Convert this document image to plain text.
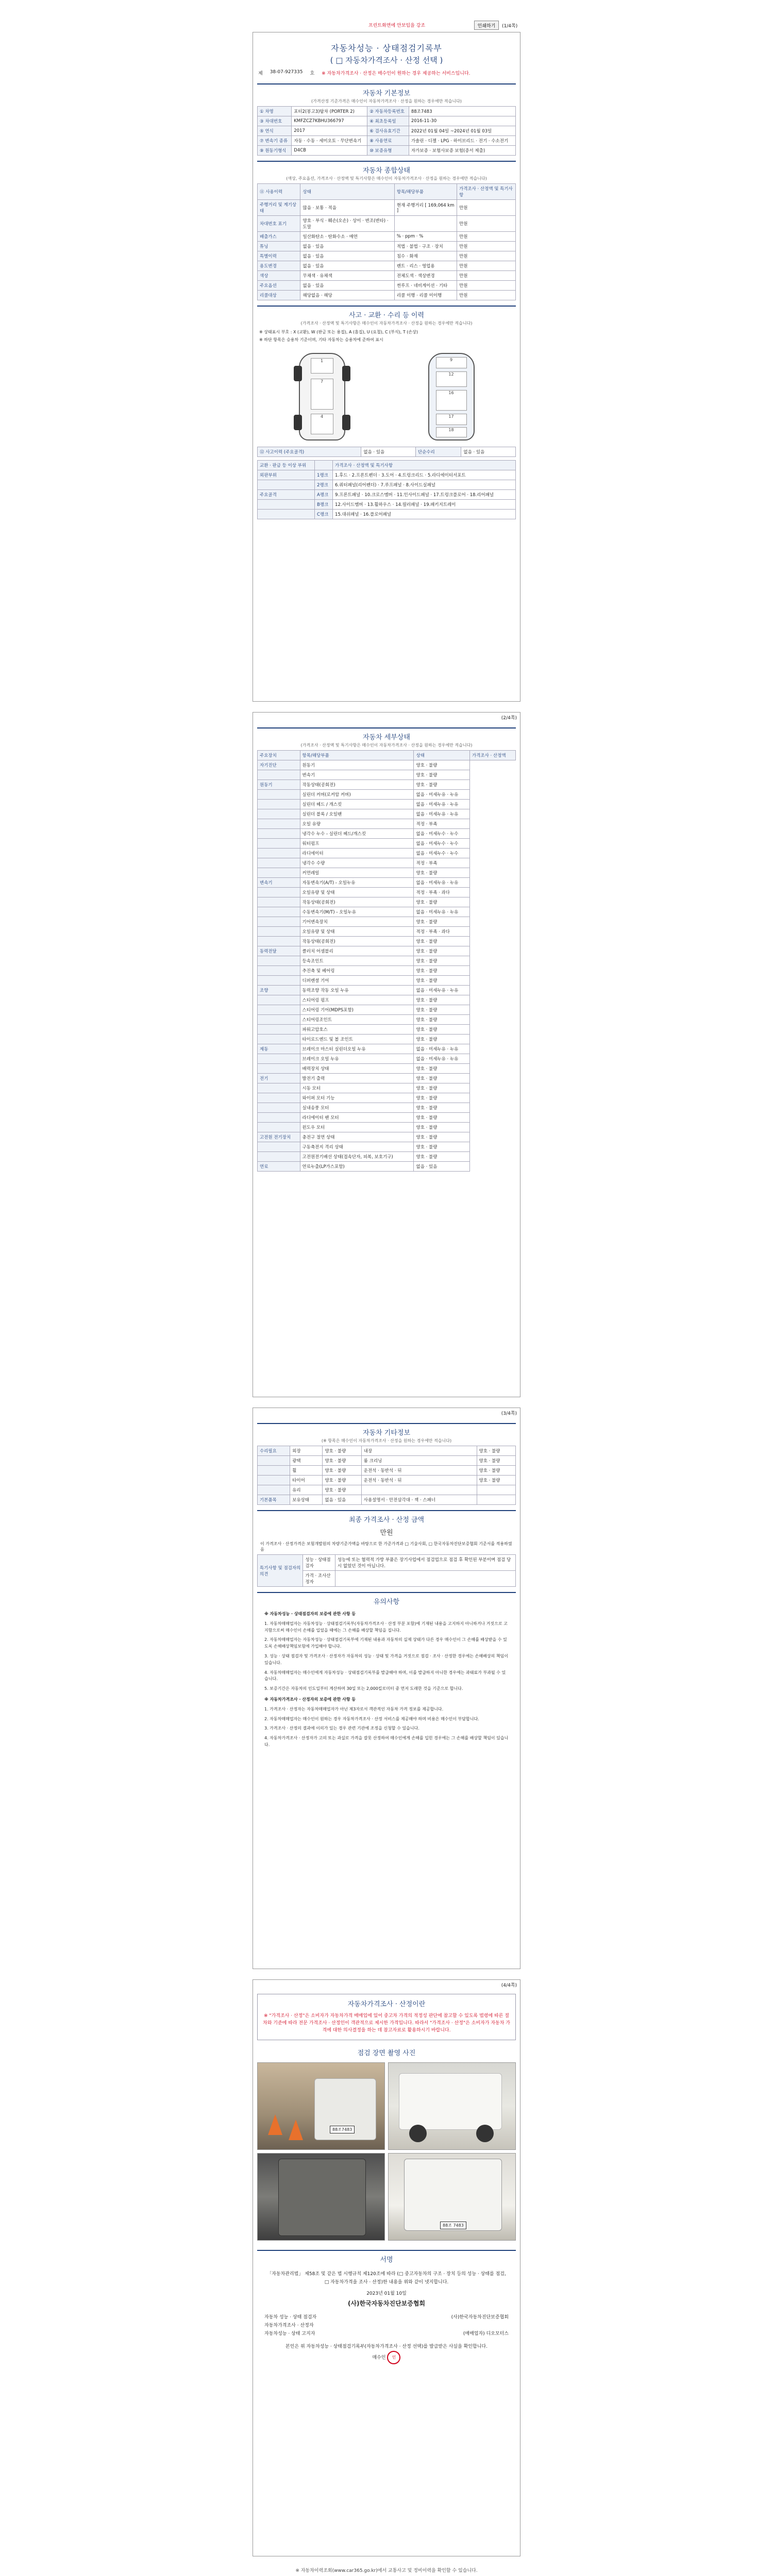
프린트화면에 안보임을 강조	인쇄하기	(1/4쪽)
자동차성능 · 상태점검기록부
( □ 자동차가격조사 · 산정 선택 )
제 38-07-927335 호 ※ 자동차가격조사 · 산정은 매수인이 원하는 경우 제공하는 서비스입니다.
자동차 기본정보
(가격산정 기준가격은 매수인이 자동차가격조사 · 산정을 원하는 경우에만 적습니다)
① 차명	포터2(봉고3)탑차 (PORTER 2)	② 자동차등록번호	88조7483
③ 차대번호	KMFZCZ7KBHU366797	④ 최초등록일	2016-11-30
⑤ 연식	2017	⑥ 검사유효기간	2022년 01월 04일 ~2024년 01월 03일
⑦ 변속기 종류	자동 · 수동 · 세미오토 · 무단변속기	⑧ 사용연료	가솔린 · 디젤 · LPG · 하이브리드 · 전기 · 수소전기
⑨ 원동기형식	D4CB	⑩ 보증유형	자가보증 · 보험사보증 보험(증서 제출)
자동차 종합상태
(색상, 주요옵션, 가격조사 · 산정액 및 특기사항은 매수인이 자동차가격조사 · 산정을 원하는 경우에만 적습니다)
⑪ 사용이력	상태	항목/해당부품	가격조사 · 산정액 및 특기사항
주행거리 및 계기상태	많음 · 보통 · 적음	현재 주행거리 [ 169,064 km ]	만원
차대번호 표기	양호 · 부식 · 훼손(오손) · 상이 · 변조(변타) · 도말		만원
배출가스	일산화탄소 · 탄화수소 · 매연	% · ppm · %	만원
튜닝	없음 · 있음	적법 · 불법 · 구조 · 장치	만원
특별이력	없음 · 있음	침수 · 화재	만원
용도변경	없음 · 있음	렌트 · 리스 · 영업용	만원
색상	무채색 · 유채색	전체도색 · 색상변경	만원
주요옵션	없음 · 있음	썬루프 · 네비게이션 · 기타	만원
리콜대상	해당없음 · 해당	리콜 이행 · 리콜 미이행	만원
사고 · 교환 · 수리 등 이력
(가격조사 · 산정액 및 특기사항은 매수인이 자동차가격조사 · 산정을 원하는 경우에만 적습니다)
※ 상태표시 부호 : X (교환), W (판금 또는 용접), A (흠집), U (요철), C (부식), T (손상)
※ 하단 항목은 승용차 기준이며, 기타 자동차는 승용차에 준하여 표시
1
7
4
9
12
16
17
18
⑫ 사고이력 (주요골격)	없음 · 있음	단순수리	없음 · 있음
교환 · 판금 등 이상 부위		가격조사 · 산정액 및 특기사항
외판부위	1랭크	1.후드 · 2.프론트펜더 · 3.도어 · 4.트렁크리드 · 5.라디에이터서포트
	2랭크	6.쿼터패널(리어펜더) · 7.루프패널 · 8.사이드실패널
주요골격	A랭크	9.프론트패널 · 10.크로스멤버 · 11.인사이드패널 · 17.트렁크플로어 · 18.리어패널
	B랭크	12.사이드멤버 · 13.휠하우스 · 14.필러패널 · 19.패키지트레이
	C랭크	15.대쉬패널 · 16.플로어패널
(2/4쪽)
자동차 세부상태
(가격조사 · 산정액 및 특기사항은 매수인이 자동차가격조사 · 산정을 원하는 경우에만 적습니다)
주요장치	항목/해당부품	상태	가격조사 · 산정액
자기진단	원동기	양호 · 불량	
	변속기	양호 · 불량	
원동기	작동상태(공회전)	양호 · 불량	
	실린더 커버(로커암 커버)	없음 · 미세누유 · 누유	
	실린더 헤드 / 개스킷	없음 · 미세누유 · 누유	
	실린더 블록 / 오일팬	없음 · 미세누유 · 누유	
	오일 유량	적정 · 부족	
	냉각수 누수 - 실린더 헤드/개스킷	없음 · 미세누수 · 누수	
	워터펌프	없음 · 미세누수 · 누수	
	라디에이터	없음 · 미세누수 · 누수	
	냉각수 수량	적정 · 부족	
	커먼레일	양호 · 불량	
변속기	자동변속기(A/T) - 오일누유	없음 · 미세누유 · 누유	
	오일유량 및 상태	적정 · 부족 · 과다	
	작동상태(공회전)	양호 · 불량	
	수동변속기(M/T) - 오일누유	없음 · 미세누유 · 누유	
	기어변속장치	양호 · 불량	
	오일유량 및 상태	적정 · 부족 · 과다	
	작동상태(공회전)	양호 · 불량	
동력전달	클러치 어셈블리	양호 · 불량	
	등속조인트	양호 · 불량	
	추진축 및 베어링	양호 · 불량	
	디퍼렌셜 기어	양호 · 불량	
조향	동력조향 작동 오일 누유	없음 · 미세누유 · 누유	
	스티어링 펌프	양호 · 불량	
	스티어링 기어(MDPS포함)	양호 · 불량	
	스티어링조인트	양호 · 불량	
	파워고압호스	양호 · 불량	
	타이로드엔드 및 볼 조인트	양호 · 불량	
제동	브레이크 마스터 실린더오일 누유	없음 · 미세누유 · 누유	
	브레이크 오일 누유	없음 · 미세누유 · 누유	
	배력장치 상태	양호 · 불량	
전기	발전기 출력	양호 · 불량	
	시동 모터	양호 · 불량	
	와이퍼 모터 기능	양호 · 불량	
	실내송풍 모터	양호 · 불량	
	라디에이터 팬 모터	양호 · 불량	
	윈도우 모터	양호 · 불량	
고전원 전기장치	충전구 절연 상태	양호 · 불량	
	구동축전지 격리 상태	양호 · 불량	
	고전원전기배선 상태(접속단자, 피복, 보호기구)	양호 · 불량	
연료	연료누출(LP가스포함)	없음 · 있음	
(3/4쪽)
자동차 기타정보
(※ 항목은 매수인이 자동차가격조사 · 산정을 원하는 경우에만 적습니다)
수리필요	외장	양호 · 불량	내장	양호 · 불량
	광택	양호 · 불량	룸 크리닝	양호 · 불량
	휠	양호 · 불량	운전석 · 동반석 · 뒤	양호 · 불량
	타이어	양호 · 불량	운전석 · 동반석 · 뒤	양호 · 불량
	유리	양호 · 불량		
기본품목	보유상태	없음 · 있음	사용설명서 · 안전삼각대 · 잭 · 스패너	
최종 가격조사 · 산정 금액
만원
이 가격조사 · 산정가격은 보험개발원의 차량기준가액을 바탕으로 한 가준가격과 □ 기술사회, □ 한국자동차진단보증협회 기준서를 적용하였음
특기사항 및 점검자의 의견	성능 · 상태점검자	성능에 또는 협력적 가방 부품은 장기사업에서 점검업으로 점검 후 확인된 부분이며 점검 당시 없었던 것이 아닙니다.
	가격 · 조사산정자	
유의사항

※ 자동차성능 · 상태점검자의 보증에 관한 사항 등

1. 자동차매매업자는 자동차성능 · 상태점검기록부(자동차가격조사 · 산정 부분 포함)에 기재된 내용을 고지하지 아니하거나 거짓으로 고지함으로써 매수인이 손해를 입었을 때에는 그 손해를 배상할 책임을 집니다.

2. 자동차매매업자는 자동차성능 · 상태점검기록부에 기재된 내용과 자동차의 실제 상태가 다른 경우 매수인이 그 손해를 배상받을 수 있도록 손해배상책임보험에 가입해야 합니다.

3. 성능 · 상태 점검자 및 가격조사 · 산정자가 자동차의 성능 · 상태 및 가격을 거짓으로 점검 · 조사 · 산정한 경우에는 손해배상의 책임이 있습니다.

4. 자동차매매업자는 매수인에게 자동차성능 · 상태점검기록부를 발급해야 하며, 이를 발급하지 아니한 경우에는 과태료가 부과될 수 있습니다.

5. 보증기간은 자동차의 인도일부터 계산하며 30일 또는 2,000킬로미터 중 먼저 도래한 것을 기준으로 합니다.

※ 자동차가격조사 · 산정자의 보증에 관한 사항 등

1. 가격조사 · 산정자는 자동차매매업자가 아닌 제3자로서 객관적인 자동차 가격 정보를 제공합니다.

2. 자동차매매업자는 매수인이 원하는 경우 자동차가격조사 · 산정 서비스를 제공해야 하며 비용은 매수인이 부담합니다.

3. 가격조사 · 산정의 결과에 이의가 있는 경우 관련 기관에 조정을 신청할 수 있습니다.

4. 자동차가격조사 · 산정자가 고의 또는 과실로 가격을 잘못 산정하여 매수인에게 손해를 입힌 경우에는 그 손해를 배상할 책임이 있습니다.

(4/4쪽)
자동차가격조사 · 산정이란
※ "가격조사 · 산정"은 소비자가 자동차가격 매매업에 있어 중고차 가격의 적정성 판단에 참고할 수 있도록 법령에 따른 절차와 기준에 따라 전문 가격조사 · 산정인이 객관적으로 제시한 가격입니다. 따라서 "가격조사 · 산정"은 소비자가 자동차 가격에 대한 의사결정을 하는 데 참고자료로 활용하시기 바랍니다.
점검 장면 촬영 사진
88조7483
88조 7483
서명
「자동차관리법」 제58조 및 같은 법 시행규칙 제120조에 따라 (□ 중고자동차의 구조 · 장치 등의 성능 · 상태를 점검, □ 자동차가격을 조사 · 산정)한 내용을 위와 같이 넷지합니다.
2023년 01월 10일
(사)한국자동차진단보증협회
자동차 성능 · 상태 점검자	(사)한국자동차진단보증협회
자동차가격조사 · 산정자
자동차성능 · 상태 고지자	(매매업자) 디오모터스
본인은 위 자동차성능 · 상태점검기록부(자동차가격조사 · 산정 선택)를 발급받은 사실을 확인합니다.
매수인 인
※ 자동차이력조회(www.car365.go.kr)에서 교통사고 및 정비이력을 확인할 수 있습니다.
